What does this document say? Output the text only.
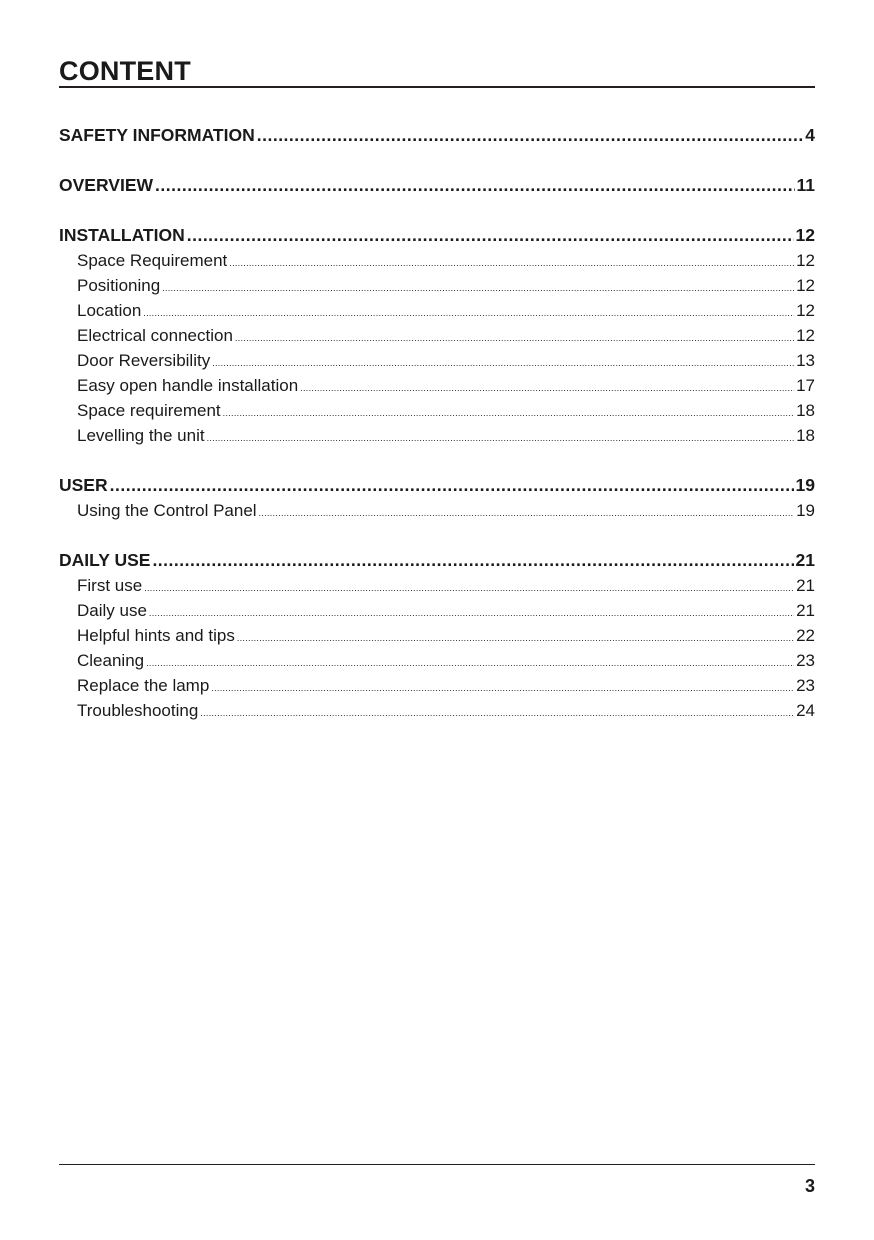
CONTENT
SAFETY INFORMATION .....	4
OVERVIEW .....	11
INSTALLATION .....	12
Space Requirement .....	12
Positioning .....	12
Location .....	12
Electrical connection .....	12
Door Reversibility .....	13
Easy open handle installation .....	17
Space requirement .....	18
Levelling the unit .....	18
USER .....	19
Using the Control Panel .....	19
DAILY USE .....	21
First use .....	21
Daily use .....	21
Helpful hints and tips .....	22
Cleaning .....	23
Replace the lamp .....	23
Troubleshooting .....	24
3
